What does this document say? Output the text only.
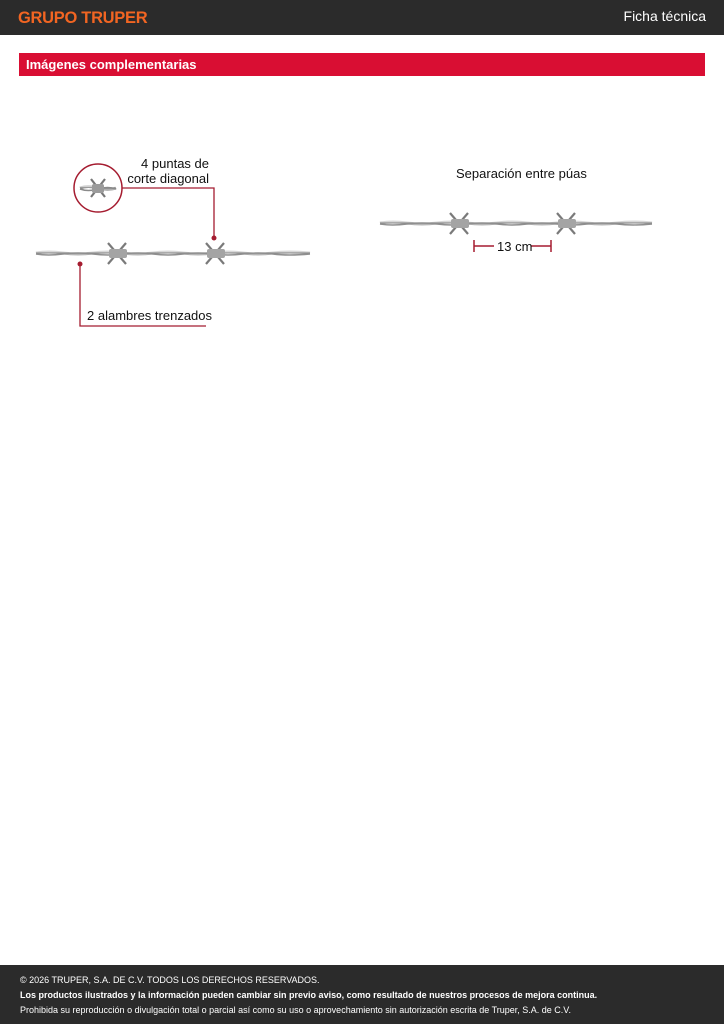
GRUPO TRUPER	Ficha técnica
Imágenes complementarias
4 puntas de
corte diagonal
2 alambres trenzados
Separación entre púas
13 cm
© 2026 TRUPER, S.A. DE C.V. TODOS LOS DERECHOS RESERVADOS.
Los productos ilustrados y la información pueden cambiar sin previo aviso, como resultado de nuestros procesos de mejora continua.
Prohibida su reproducción o divulgación total o parcial así como su uso o aprovechamiento sin autorización escrita de Truper, S.A. de C.V.
